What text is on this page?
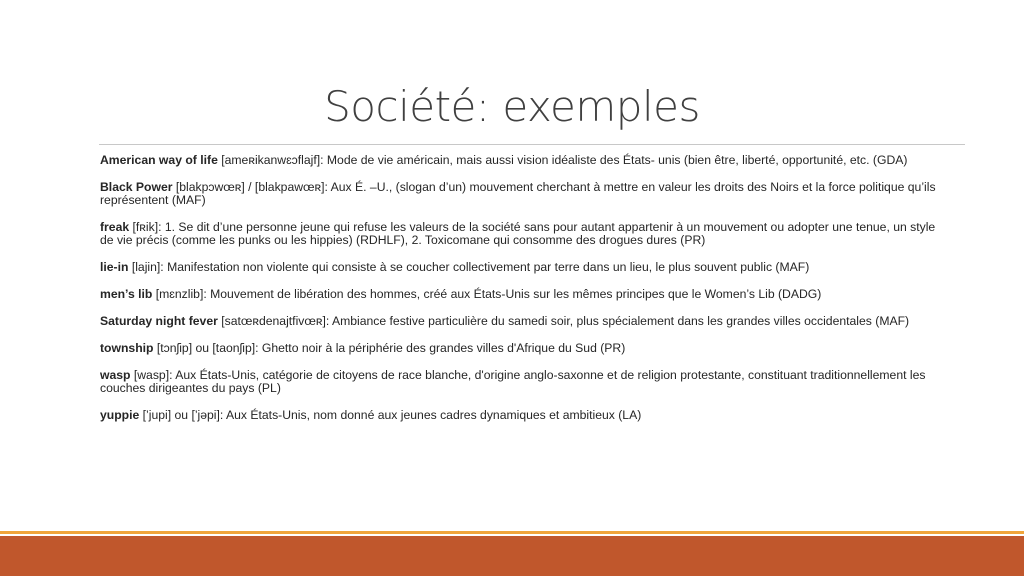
Société: exemples

American way of life [ameʀikanwɛɔflajf]: Mode de vie américain, mais aussi vision idéaliste des États- unis (bien être, liberté, opportunité, etc. (GDA)

Black Power [blakpɔwœʀ] / [blakpawœʀ]: Aux É. –U., (slogan d’un) mouvement cherchant à mettre en valeur les droits des Noirs et la force politique qu’ils représentent (MAF)

freak [fʀik]: 1. Se dit d’une personne jeune qui refuse les valeurs de la société sans pour autant appartenir à un mouvement ou adopter une tenue, un style de vie précis (comme les punks ou les hippies) (RDHLF), 2. Toxicomane qui consomme des drogues dures (PR)

lie-in [lajin]: Manifestation non violente qui consiste à se coucher collectivement par terre dans un lieu, le plus souvent public (MAF)

men’s lib [mɛnzlib]: Mouvement de libération des hommes, créé aux États-Unis sur les mêmes principes que le Women’s Lib (DADG)

Saturday night fever [satœʀdenajtfivœʀ]: Ambiance festive particulière du samedi soir, plus spécialement dans les grandes villes occidentales (MAF)

township [tɔnʃip] ou [taonʃip]: Ghetto noir à la périphérie des grandes villes d'Afrique du Sud (PR)

wasp [wasp]: Aux États-Unis, catégorie de citoyens de race blanche, d'origine anglo-saxonne et de religion protestante, constituant traditionnellement les couches dirigeantes du pays (PL)

yuppie [’jupi] ou [’jəpi]: Aux États-Unis, nom donné aux jeunes cadres dynamiques et ambitieux (LA)
